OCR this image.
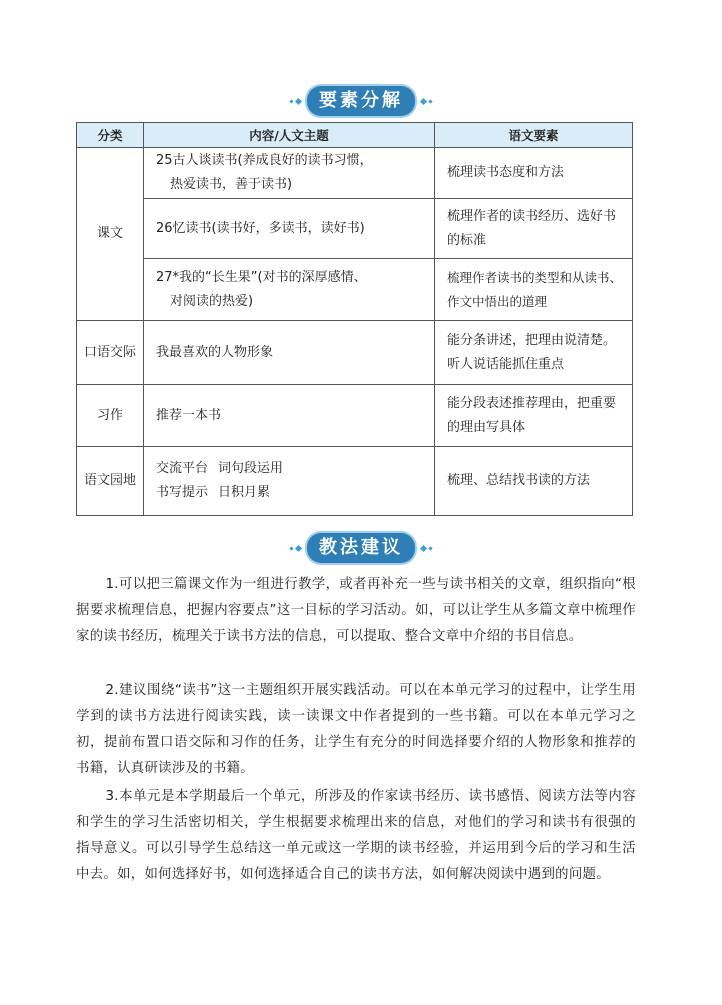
要素分解
分类	内容/人文主题	语文要素
课文	25古人谈读书(养成良好的读书习惯，
热爱读书，善于读书)	梳理读书态度和方法

	26忆读书(读书好，多读书，读好书)	梳理作者的读书经历、选好书
的标准

	27*我的“长生果”(对书的深厚感情、
对阅读的热爱)	梳理作者读书的类型和从读书、
作文中悟出的道理

口语交际	我最喜欢的人物形象	能分条讲述，把理由说清楚。
听人说话能抓住重点

习作	推荐一本书	能分段表述推荐理由，把重要
的理由写具体

语文园地	交流平台 词句段运用
书写提示 日积月累	梳理、总结找书读的方法
教法建议

1.可以把三篇课文作为一组进行教学，或者再补充一些与读书相关的文章，组织指向“根据要求梳理信息，把握内容要点”这一目标的学习活动。如，可以让学生从多篇文章中梳理作家的读书经历，梳理关于读书方法的信息，可以提取、整合文章中介绍的书目信息。

2.建议围绕“读书”这一主题组织开展实践活动。可以在本单元学习的过程中，让学生用学到的读书方法进行阅读实践，读一读课文中作者提到的一些书籍。可以在本单元学习之初，提前布置口语交际和习作的任务，让学生有充分的时间选择要介绍的人物形象和推荐的书籍，认真研读涉及的书籍。

3.本单元是本学期最后一个单元，所涉及的作家读书经历、读书感悟、阅读方法等内容和学生的学习生活密切相关，学生根据要求梳理出来的信息，对他们的学习和读书有很强的指导意义。可以引导学生总结这一单元或这一学期的读书经验，并运用到今后的学习和生活中去。如，如何选择好书，如何选择适合自己的读书方法，如何解决阅读中遇到的问题。
